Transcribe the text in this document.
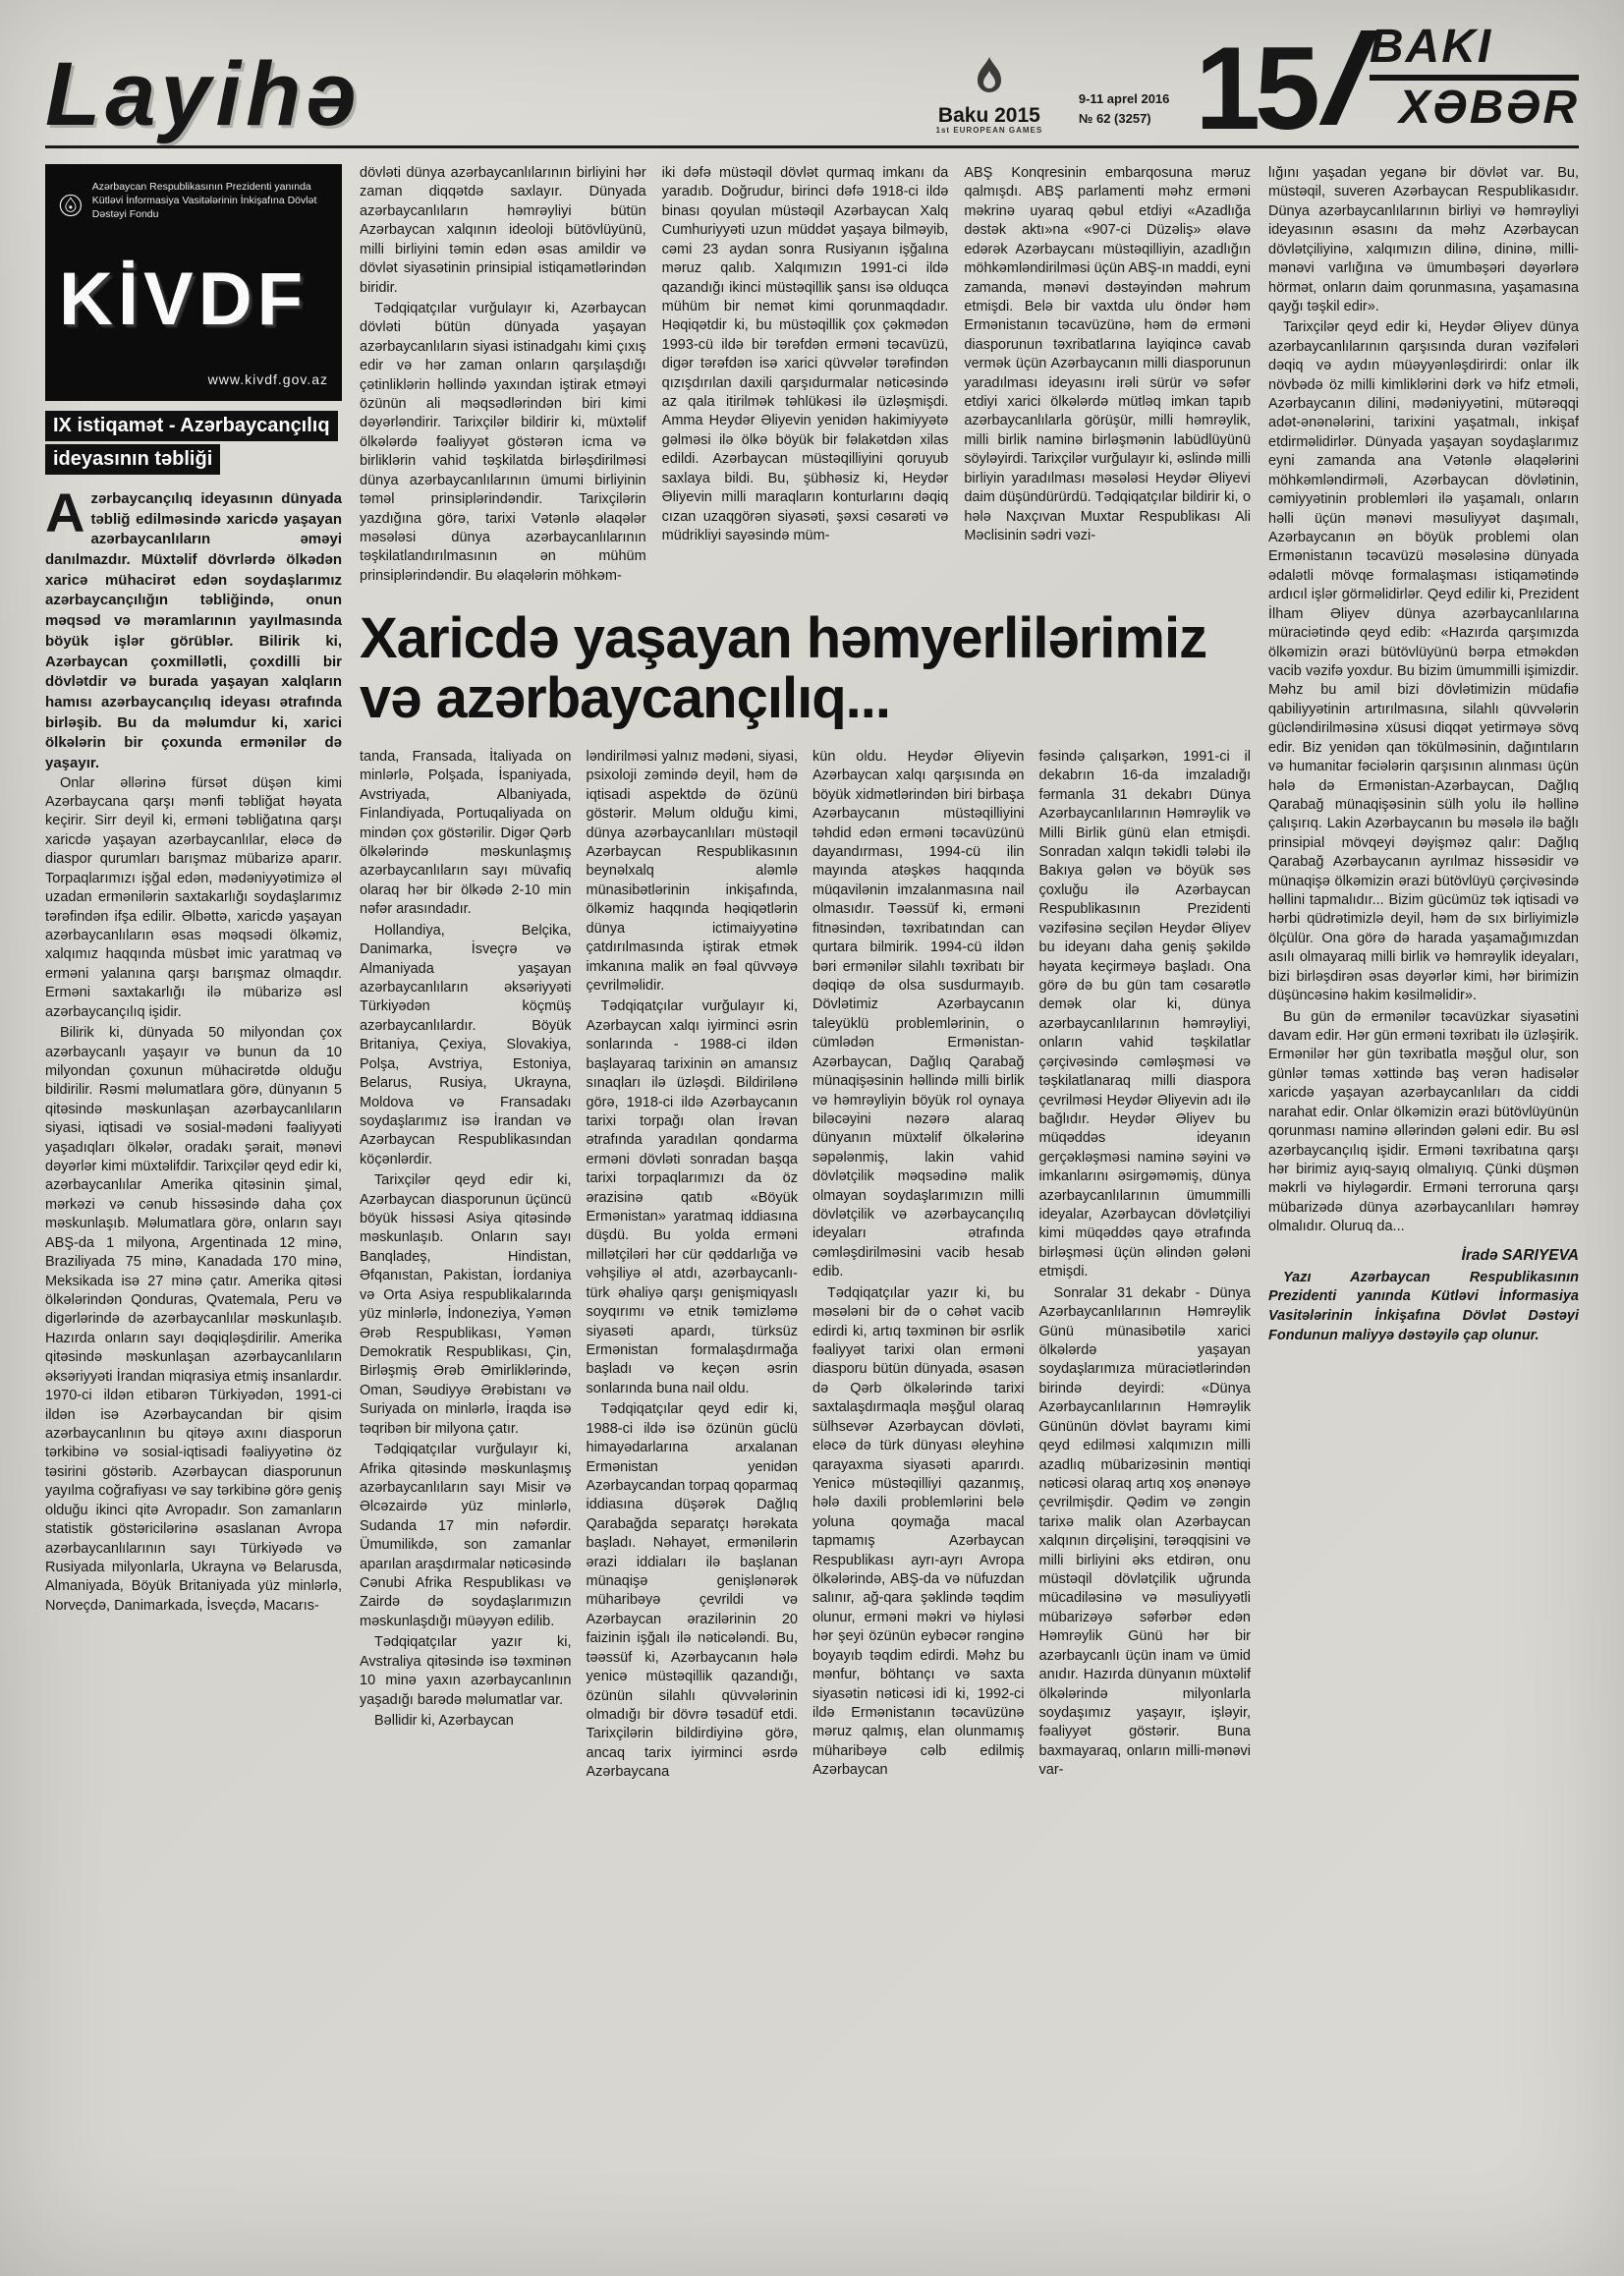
Layihə	Baku 2015
1st EUROPEAN GAMES
9-11 aprel 2016
№ 62 (3257) 15 BAKI
XƏBƏR
Azərbaycan Respublikasının Prezidenti yanında Kütləvi İnformasiya Vasitələrinin İnkişafına Dövlət Dəstəyi Fondu
KİVDF
www.kivdf.gov.az
IX istiqamət - Azərbaycançılıq ideyasının təbliği
A zərbaycançılıq ideyasının dünyada təbliğ edilməsində xaricdə yaşayan azərbaycanlıların əməyi danılmazdır. Müxtəlif dövrlərdə ölkədən xaricə mühacirət edən soydaşlarımız azərbaycançılığın təbliğində, onun məqsəd və məramlarının yayılmasında böyük işlər görüblər. Bilirik ki, Azərbaycan çoxmillətli, çoxdilli bir dövlətdir və burada yaşayan xalqların hamısı azərbaycançılıq ideyası ətrafında birləşib. Bu da məlumdur ki, xarici ölkələrin bir çoxunda ermənilər də yaşayır.

Onlar əllərinə fürsət düşən kimi Azərbaycana qarşı mənfi təbliğat həyata keçirir. Sirr deyil ki, erməni təbliğatına qarşı xaricdə yaşayan azərbaycanlılar, eləcə də diaspor qurumları barışmaz mübarizə aparır. Torpaqlarımızı işğal edən, mədəniyyətimizə əl uzadan ermənilərin saxtakarlığı soydaşlarımız tərəfindən ifşa edilir. Əlbəttə, xaricdə yaşayan azərbaycanlıların əsas məqsədi ölkəmiz, xalqımız haqqında müsbət imic yaratmaq və erməni yalanına qarşı barışmaz olmaqdır. Erməni saxtakarlığı ilə mübarizə əsl azərbaycançılıq işidir.

Bilirik ki, dünyada 50 milyondan çox azərbaycanlı yaşayır və bunun da 10 milyondan çoxunun mühacirətdə olduğu bildirilir. Rəsmi məlumatlara görə, dünyanın 5 qitəsində məskunlaşan azərbaycanlıların siyasi, iqtisadi və sosial-mədəni fəaliyyəti yaşadıqları ölkələr, oradakı şərait, mənəvi dəyərlər kimi müxtəlifdir. Tarixçilər qeyd edir ki, azərbaycanlılar Amerika qitəsinin şimal, mərkəzi və cənub hissəsində daha çox məskunlaşıb. Məlumatlara görə, onların sayı ABŞ-da 1 milyona, Argentinada 12 minə, Braziliyada 75 minə, Kanadada 170 minə, Meksikada isə 27 minə çatır. Amerika qitəsi ölkələrindən Qonduras, Qvatemala, Peru və digərlərində də azərbaycanlılar məskunlaşıb. Hazırda onların sayı dəqiqləşdirilir. Amerika qitəsində məskunlaşan azərbaycanlıların əksəriyyəti İrandan miqrasiya etmiş insanlardır. 1970-ci ildən etibarən Türkiyədən, 1991-ci ildən isə Azərbaycandan bir qisim azərbaycanlının bu qitəyə axını diasporun tərkibinə və sosial-iqtisadi fəaliyyətinə öz təsirini göstərib. Azərbaycan diasporunun yayılma coğrafiyası və say tərkibinə görə geniş olduğu ikinci qitə Avropadır. Son zamanların statistik göstəricilərinə əsaslanan Avropa azərbaycanlılarının sayı Türkiyədə və Rusiyada milyonlarla, Ukrayna və Belarusda, Almaniyada, Böyük Britaniyada yüz minlərlə, Norveçdə, Danimarkada, İsveçdə, Macarıs-

dövləti dünya azərbaycanlılarının birliyini hər zaman diqqətdə saxlayır. Dünyada azərbaycanlıların həmrəyliyi bütün Azərbaycan xalqının ideoloji bütövlüyünü, milli birliyini təmin edən əsas amildir və dövlət siyasətinin prinsipial istiqamətlərindən biridir.

Tədqiqatçılar vurğulayır ki, Azərbaycan dövləti bütün dünyada yaşayan azərbaycanlıların siyasi istinadgahı kimi çıxış edir və hər zaman onların qarşılaşdığı çətinliklərin həllində yaxından iştirak etməyi özünün ali məqsədlərindən biri kimi dəyərləndirir. Tarixçilər bildirir ki, müxtəlif ölkələrdə fəaliyyət göstərən icma və birliklərin vahid təşkilatda birləşdirilməsi dünya azərbaycanlılarının ümumi birliyinin təməl prinsiplərindəndir. Tarixçilərin yazdığına görə, tarixi Vətənlə əlaqələr məsələsi dünya azərbaycanlılarının təşkilatlandırılmasının ən mühüm prinsiplərindəndir. Bu əlaqələrin möhkəm-

iki dəfə müstəqil dövlət qurmaq imkanı da yaradıb. Doğrudur, birinci dəfə 1918-ci ildə binası qoyulan müstəqil Azərbaycan Xalq Cumhuriyyəti uzun müddət yaşaya bilməyib, cəmi 23 aydan sonra Rusiyanın işğalına məruz qalıb. Xalqımızın 1991-ci ildə qazandığı ikinci müstəqillik şansı isə olduqca mühüm bir nemət kimi qorunmaqdadır. Həqiqətdir ki, bu müstəqillik çox çəkmədən 1993-cü ildə bir tərəfdən erməni təcavüzü, digər tərəfdən isə xarici qüvvələr tərəfindən qızışdırılan daxili qarşıdurmalar nəticəsində az qala itirilmək təhlükəsi ilə üzləşmişdi. Amma Heydər Əliyevin yenidən hakimiyyətə gəlməsi ilə ölkə böyük bir fəlakətdən xilas edildi. Azərbaycan müstəqilliyini qoruyub saxlaya bildi. Bu, şübhəsiz ki, Heydər Əliyevin milli maraqların konturlarını dəqiq cızan uzaqgörən siyasəti, şəxsi cəsarəti və müdrikliyi sayəsində müm-

ABŞ Konqresinin embarqosuna məruz qalmışdı. ABŞ parlamenti məhz erməni məkrinə uyaraq qəbul etdiyi «Azadlığa dəstək aktı»na «907-ci Düzəliş» əlavə edərək Azərbaycanı müstəqilliyin, azadlığın möhkəmləndirilməsi üçün ABŞ-ın maddi, eyni zamanda, mənəvi dəstəyindən məhrum etmişdi. Belə bir vaxtda ulu öndər həm Ermənistanın təcavüzünə, həm də erməni diasporunun təxribatlarına layiqincə cavab vermək üçün Azərbaycanın milli diasporunun yaradılması ideyasını irəli sürür və səfər etdiyi xarici ölkələrdə mütləq imkan tapıb azərbaycanlılarla görüşür, milli həmrəylik, milli birlik naminə birləşmənin labüdlüyünü söyləyirdi. Tarixçilər vurğulayır ki, əslində milli birliyin yaradılması məsələsi Heydər Əliyevi daim düşündürürdü. Tədqiqatçılar bildirir ki, o hələ Naxçıvan Muxtar Respublikası Ali Məclisinin sədri vəzi-

Xaricdə yaşayan həmyerlilərimiz
və azərbaycançılıq...

tanda, Fransada, İtaliyada on minlərlə, Polşada, İspaniyada, Avstriyada, Albaniyada, Finlandiyada, Portuqaliyada on mindən çox göstərilir. Digər Qərb ölkələrində məskunlaşmış azərbaycanlıların sayı müvafiq olaraq hər bir ölkədə 2-10 min nəfər arasındadır.

Hollandiya, Belçika, Danimarka, İsveçrə və Almaniyada yaşayan azərbaycanlıların əksəriyyəti Türkiyədən köçmüş azərbaycanlılardır. Böyük Britaniya, Çexiya, Slovakiya, Polşa, Avstriya, Estoniya, Belarus, Rusiya, Ukrayna, Moldova və Fransadakı soydaşlarımız isə İrandan və Azərbaycan Respublikasından köçənlərdir.

Tarixçilər qeyd edir ki, Azərbaycan diasporunun üçüncü böyük hissəsi Asiya qitəsində məskunlaşıb. Onların sayı Banqladeş, Hindistan, Əfqanıstan, Pakistan, İordaniya və Orta Asiya respublikalarında yüz minlərlə, İndoneziya, Yəmən Ərəb Respublikası, Yəmən Demokratik Respublikası, Çin, Birləşmiş Ərəb Əmirliklərində, Oman, Səudiyyə Ərəbistanı və Suriyada on minlərlə, İraqda isə təqribən bir milyona çatır.

Tədqiqatçılar vurğulayır ki, Afrika qitəsində məskunlaşmış azərbaycanlıların sayı Misir və Əlcəzairdə yüz minlərlə, Sudanda 17 min nəfərdir. Ümumilikdə, son zamanlar aparılan araşdırmalar nəticəsində Cənubi Afrika Respublikası və Zairdə də soydaşlarımızın məskunlaşdığı müəyyən edilib.

Tədqiqatçılar yazır ki, Avstraliya qitəsində isə təxminən 10 minə yaxın azərbaycanlının yaşadığı barədə məlumatlar var.

Bəllidir ki, Azərbaycan

ləndirilməsi yalnız mədəni, siyasi, psixoloji zəmində deyil, həm də iqtisadi aspektdə də özünü göstərir. Məlum olduğu kimi, dünya azərbaycanlıları müstəqil Azərbaycan Respublikasının beynəlxalq aləmlə münasibətlərinin inkişafında, ölkəmiz haqqında həqiqətlərin dünya ictimaiyyətinə çatdırılmasında iştirak etmək imkanına malik ən fəal qüvvəyə çevrilməlidir.

Tədqiqatçılar vurğulayır ki, Azərbaycan xalqı iyirminci əsrin sonlarında - 1988-ci ildən başlayaraq tarixinin ən amansız sınaqları ilə üzləşdi. Bildirilənə görə, 1918-ci ildə Azərbaycanın tarixi torpağı olan İrəvan ətrafında yaradılan qondarma erməni dövləti sonradan başqa tarixi torpaqlarımızı da öz ərazisinə qatıb «Böyük Ermənistan» yaratmaq iddiasına düşdü. Bu yolda erməni millətçiləri hər cür qəddarlığa və vəhşiliyə əl atdı, azərbaycanlı-türk əhaliyə qarşı genişmiqyaslı soyqırımı və etnik təmizləmə siyasəti apardı, türksüz Ermənistan formalaşdırmağa başladı və keçən əsrin sonlarında buna nail oldu.

Tədqiqatçılar qeyd edir ki, 1988-ci ildə isə özünün güclü himayədarlarına arxalanan Ermənistan yenidən Azərbaycandan torpaq qoparmaq iddiasına düşərək Dağlıq Qarabağda separatçı hərəkata başladı. Nəhayət, ermənilərin ərazi iddiaları ilə başlanan münaqişə genişlənərək müharibəyə çevrildi və Azərbaycan ərazilərinin 20 faizinin işğalı ilə nəticələndi. Bu, təəssüf ki, Azərbaycanın hələ yenicə müstəqillik qazandığı, özünün silahlı qüvvələrinin olmadığı bir dövrə təsadüf etdi. Tarixçilərin bildirdiyinə görə, ancaq tarix iyirminci əsrdə Azərbaycana

kün oldu. Heydər Əliyevin Azərbaycan xalqı qarşısında ən böyük xidmətlərindən biri birbaşa Azərbaycanın müstəqilliyini təhdid edən erməni təcavüzünü dayandırması, 1994-cü ilin mayında atəşkəs haqqında müqavilənin imzalanmasına nail olmasıdır. Təəssüf ki, erməni fitnəsindən, təxribatından can qurtara bilmirik. 1994-cü ildən bəri ermənilər silahlı təxribatı bir dəqiqə də olsa susdurmayıb. Dövlətimiz Azərbaycanın taleyüklü problemlərinin, o cümlədən Ermənistan-Azərbaycan, Dağlıq Qarabağ münaqişəsinin həllində milli birlik və həmrəyliyin böyük rol oynaya biləcəyini nəzərə alaraq dünyanın müxtəlif ölkələrinə səpələnmiş, lakin vahid dövlətçilik məqsədinə malik olmayan soydaşlarımızın milli dövlətçilik və azərbaycançılıq ideyaları ətrafında cəmləşdirilməsini vacib hesab edib.

Tədqiqatçılar yazır ki, bu məsələni bir də o cəhət vacib edirdi ki, artıq təxminən bir əsrlik fəaliyyət tarixi olan erməni diasporu bütün dünyada, əsasən də Qərb ölkələrində tarixi saxtalaşdırmaqla məşğul olaraq sülhsevər Azərbaycan dövləti, eləcə də türk dünyası əleyhinə qarayaxma siyasəti aparırdı. Yenicə müstəqilliyi qazanmış, hələ daxili problemlərini belə yoluna qoymağa macal tapmamış Azərbaycan Respublikası ayrı-ayrı Avropa ölkələrində, ABŞ-da və nüfuzdan salınır, ağ-qara şəklində təqdim olunur, erməni məkri və hiyləsi hər şeyi özünün eybəcər rənginə boyayıb təqdim edirdi. Məhz bu mənfur, böhtançı və saxta siyasətin nəticəsi idi ki, 1992-ci ildə Ermənistanın təcavüzünə məruz qalmış, elan olunmamış müharibəyə cəlb edilmiş Azərbaycan

fəsində çalışarkən, 1991-ci il dekabrın 16-da imzaladığı fərmanla 31 dekabrı Dünya Azərbaycanlılarının Həmrəylik və Milli Birlik günü elan etmişdi. Sonradan xalqın təkidli tələbi ilə Bakıya gələn və böyük səs çoxluğu ilə Azərbaycan Respublikasının Prezidenti vəzifəsinə seçilən Heydər Əliyev bu ideyanı daha geniş şəkildə həyata keçirməyə başladı. Ona görə də bu gün tam cəsarətlə demək olar ki, dünya azərbaycanlılarının həmrəyliyi, onların vahid təşkilatlar çərçivəsində cəmləşməsi və təşkilatlanaraq milli diaspora çevrilməsi Heydər Əliyevin adı ilə bağlıdır. Heydər Əliyev bu müqəddəs ideyanın gerçəkləşməsi naminə səyini və imkanlarını əsirgəməmiş, dünya azərbaycanlılarının ümummilli ideyalar, Azərbaycan dövlətçiliyi kimi müqəddəs qayə ətrafında birləşməsi üçün əlindən gələni etmişdi.

Sonralar 31 dekabr - Dünya Azərbaycanlılarının Həmrəylik Günü münasibətilə xarici ölkələrdə yaşayan soydaşlarımıza müraciətlərindən birində deyirdi: «Dünya Azərbaycanlılarının Həmrəylik Gününün dövlət bayramı kimi qeyd edilməsi xalqımızın milli azadlıq mübarizəsinin məntiqi nəticəsi olaraq artıq xoş ənənəyə çevrilmişdir. Qədim və zəngin tarixə malik olan Azərbaycan xalqının dirçəlişini, tərəqqisini və milli birliyini əks etdirən, onu müstəqil dövlətçilik uğrunda mücadiləsinə və məsuliyyətli mübarizəyə səfərbər edən Həmrəylik Günü hər bir azərbaycanlı üçün inam və ümid anıdır. Hazırda dünyanın müxtəlif ölkələrində milyonlarla soydaşımız yaşayır, işləyir, fəaliyyət göstərir. Buna baxmayaraq, onların milli-mənəvi var-

lığını yaşadan yeganə bir dövlət var. Bu, müstəqil, suveren Azərbaycan Respublikasıdır. Dünya azərbaycanlılarının birliyi və həmrəyliyi ideyasının əsasını da məhz Azərbaycan dövlətçiliyinə, xalqımızın dilinə, dininə, milli-mənəvi varlığına və ümumbəşəri dəyərlərə hörmət, onların daim qorunmasına, yaşamasına qayğı təşkil edir».

Tarixçilər qeyd edir ki, Heydər Əliyev dünya azərbaycanlılarının qarşısında duran vəzifələri dəqiq və aydın müəyyənləşdirirdi: onlar ilk növbədə öz milli kimliklərini dərk və hifz etməli, Azərbaycanın dilini, mədəniyyətini, mütərəqqi adət-ənənələrini, tarixini yaşatmalı, inkişaf etdirməlidirlər. Dünyada yaşayan soydaşlarımız eyni zamanda ana Vətənlə əlaqələrini möhkəmləndirməli, Azərbaycan dövlətinin, cəmiyyətinin problemləri ilə yaşamalı, onların həlli üçün mənəvi məsuliyyət daşımalı, Azərbaycanın ən böyük problemi olan Ermənistanın təcavüzü məsələsinə dünyada ədalətli mövqe formalaşması istiqamətində ardıcıl işlər görməlidirlər. Qeyd edilir ki, Prezident İlham Əliyev dünya azərbaycanlılarına müraciətində qeyd edib: «Hazırda qarşımızda ölkəmizin ərazi bütövlüyünü bərpa etməkdən vacib vəzifə yoxdur. Bu bizim ümummilli işimizdir. Məhz bu amil bizi dövlətimizin müdafiə qabiliyyətinin artırılmasına, silahlı qüvvələrin gücləndirilməsinə xüsusi diqqət yetirməyə sövq edir. Biz yenidən qan tökülməsinin, dağıntıların və humanitar fəciələrin qarşısının alınması üçün hələ də Ermənistan-Azərbaycan, Dağlıq Qarabağ münaqişəsinin sülh yolu ilə həllinə çalışırıq. Lakin Azərbaycanın bu məsələ ilə bağlı prinsipial mövqeyi dəyişməz qalır: Dağlıq Qarabağ Azərbaycanın ayrılmaz hissəsidir və münaqişə ölkəmizin ərazi bütövlüyü çərçivəsində həllini tapmalıdır... Bizim gücümüz tək iqtisadi və hərbi qüdrətimizlə deyil, həm də sıx birliyimizlə ölçülür. Ona görə də harada yaşamağımızdan asılı olmayaraq milli birlik və həmrəylik ideyaları, bizi birləşdirən əsas dəyərlər kimi, hər birimizin düşüncəsinə hakim kəsilməlidir».

Bu gün də ermənilər təcavüzkar siyasətini davam edir. Hər gün erməni təxribatı ilə üzləşirik. Ermənilər hər gün təxribatla məşğul olur, son günlər təmas xəttində baş verən hadisələr xaricdə yaşayan azərbaycanlıları da ciddi narahat edir. Onlar ölkəmizin ərazi bütövlüyünün qorunması naminə əllərindən gələni edir. Bu əsl azərbaycançılıq işidir. Erməni təxribatına qarşı hər birimiz ayıq-sayıq olmalıyıq. Çünki düşmən məkrli və hiyləgərdir. Erməni terroruna qarşı mübarizədə dünya azərbaycanlıları həmrəy olmalıdır. Oluruq da...

İradə SARIYEVA

Yazı Azərbaycan Respublikasının Prezidenti yanında Kütləvi İnformasiya Vasitələrinin İnkişafına Dövlət Dəstəyi Fondunun maliyyə dəstəyilə çap olunur.
